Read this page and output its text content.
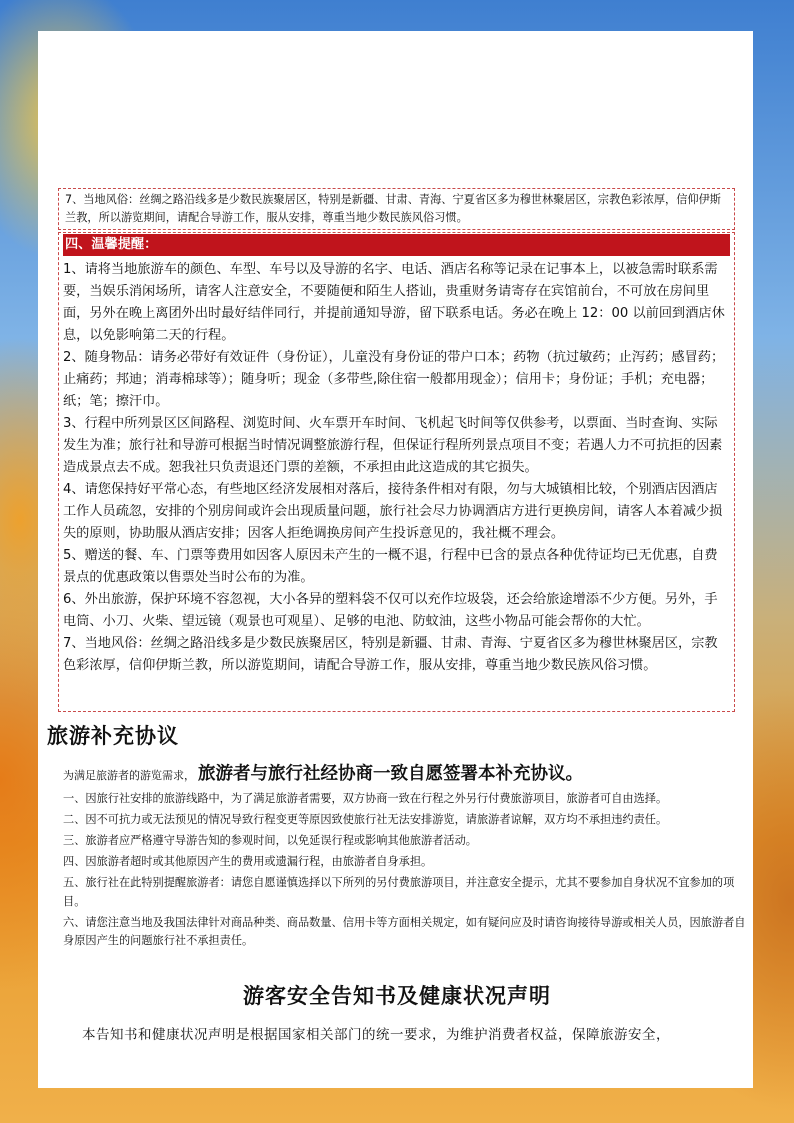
7、当地风俗：丝绸之路沿线多是少数民族聚居区，特别是新疆、甘肃、青海、宁夏省区多为穆世林聚居区，宗教色彩浓厚，信仰伊斯兰教，所以游览期间，请配合导游工作，服从安排，尊重当地少数民族风俗习惯。
四、温馨提醒：

1、请将当地旅游车的颜色、车型、车号以及导游的名字、电话、酒店名称等记录在记事本上，以被急需时联系需要，当娱乐消闲场所，请客人注意安全，不要随便和陌生人搭讪，贵重财务请寄存在宾馆前台，不可放在房间里面，另外在晚上离团外出时最好结伴同行，并提前通知导游，留下联系电话。务必在晚上 12：00 以前回到酒店休息，以免影响第二天的行程。

2、随身物品：请务必带好有效证件（身份证），儿童没有身份证的带户口本；药物（抗过敏药；止泻药；感冒药；止痛药；邦迪；消毒棉球等）；随身听；现金（多带些,除住宿一般都用现金）；信用卡；身份证；手机；充电器；纸；笔；擦汗巾。

3、行程中所列景区区间路程、浏览时间、火车票开车时间、飞机起飞时间等仅供参考，以票面、当时查询、实际发生为准；旅行社和导游可根据当时情况调整旅游行程，但保证行程所列景点项目不变；若遇人力不可抗拒的因素造成景点去不成。恕我社只负责退还门票的差额，不承担由此这造成的其它损失。

4、请您保持好平常心态，有些地区经济发展相对落后，接待条件相对有限，勿与大城镇相比较，个别酒店因酒店工作人员疏忽，安排的个别房间或许会出现质量问题，旅行社会尽力协调酒店方进行更换房间，请客人本着减少损失的原则，协助服从酒店安排；因客人拒绝调换房间产生投诉意见的，我社概不理会。

5、赠送的餐、车、门票等费用如因客人原因未产生的一概不退，行程中已含的景点各种优待证均已无优惠，自费景点的优惠政策以售票处当时公布的为准。

6、外出旅游，保护环境不容忽视，大小各异的塑料袋不仅可以充作垃圾袋，还会给旅途增添不少方便。另外，手电筒、小刀、火柴、望远镜（观景也可观星）、足够的电池、防蚊油，这些小物品可能会帮你的大忙。

7、当地风俗：丝绸之路沿线多是少数民族聚居区，特别是新疆、甘肃、青海、宁夏省区多为穆世林聚居区，宗教色彩浓厚，信仰伊斯兰教，所以游览期间，请配合导游工作，服从安排，尊重当地少数民族风俗习惯。

旅游补充协议
为满足旅游者的游览需求， 旅游者与旅行社经协商一致自愿签署本补充协议。

一、因旅行社安排的旅游线路中，为了满足旅游者需要，双方协商一致在行程之外另行付费旅游项目，旅游者可自由选择。

二、因不可抗力或无法预见的情况导致行程变更等原因致使旅行社无法安排游览，请旅游者谅解，双方均不承担违约责任。

三、旅游者应严格遵守导游告知的参观时间，以免延误行程或影响其他旅游者活动。

四、因旅游者超时或其他原因产生的费用或遗漏行程，由旅游者自身承担。

五、旅行社在此特别提醒旅游者：请您自愿谨慎选择以下所列的另付费旅游项目，并注意安全提示，尤其不要参加自身状况不宜参加的项目。

六、请您注意当地及我国法律针对商品种类、商品数量、信用卡等方面相关规定，如有疑问应及时请咨询接待导游或相关人员，因旅游者自身原因产生的问题旅行社不承担责任。

游客安全告知书及健康状况声明
本告知书和健康状况声明是根据国家相关部门的统一要求，为维护消费者权益，保障旅游安全，
